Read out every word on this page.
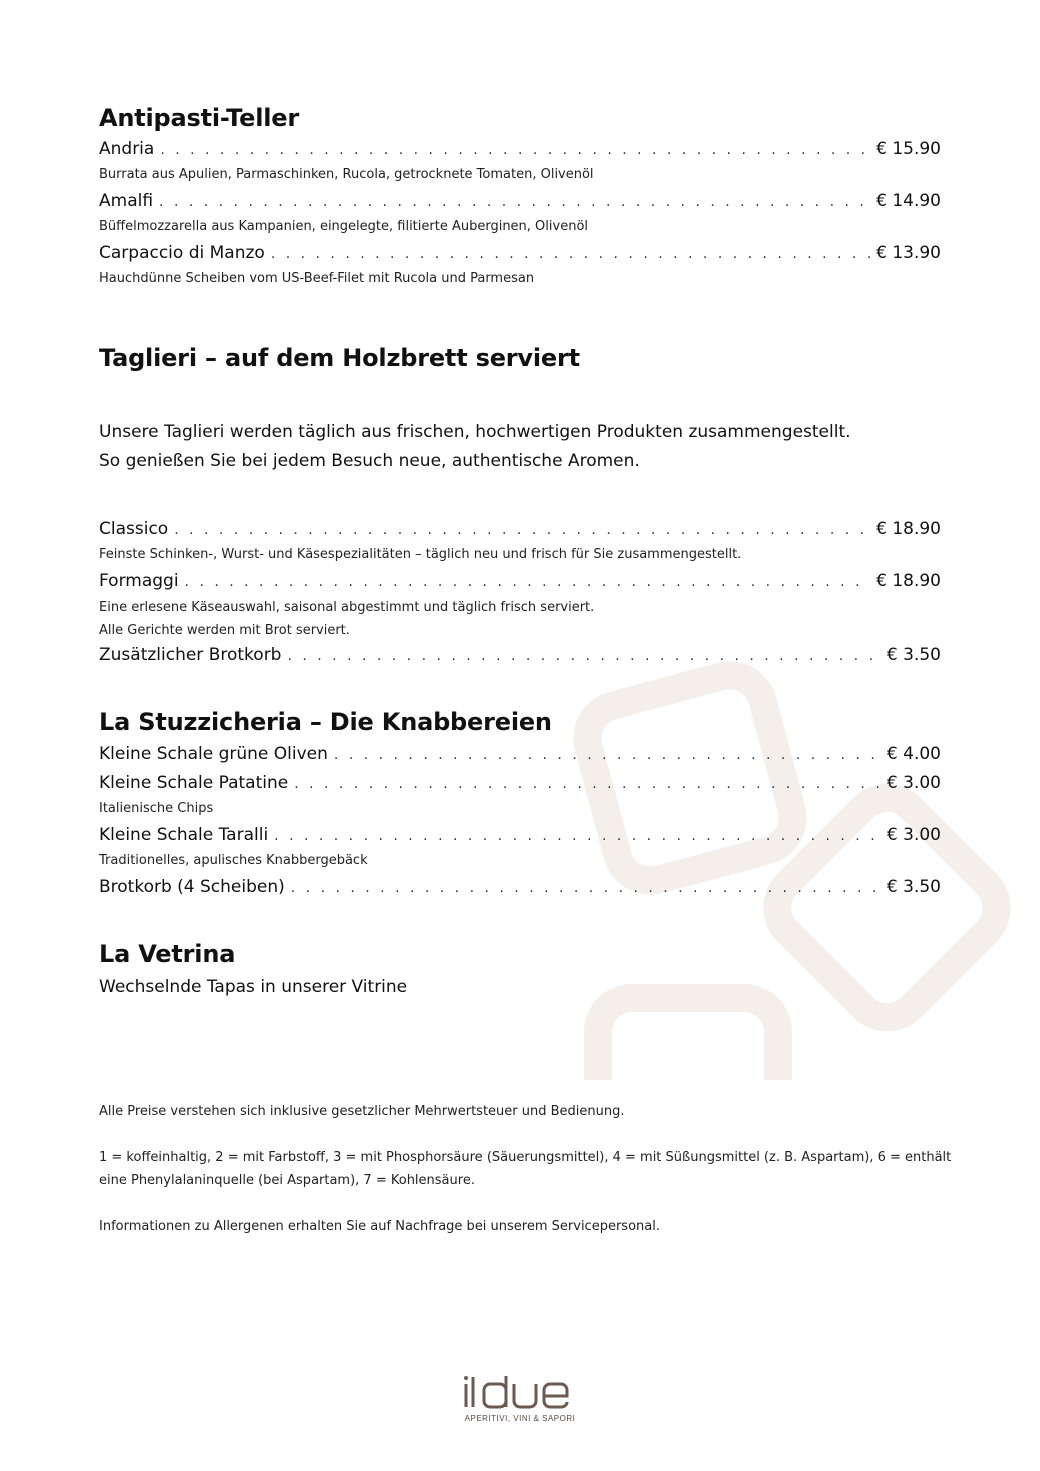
Antipasti-Teller
Andria . . .	€ 15.90
Burrata aus Apulien, Parmaschinken, Rucola, getrocknete Tomaten, Olivenöl
Amalfi . . .	€ 14.90
Büffelmozzarella aus Kampanien, eingelegte, filitierte Auberginen, Olivenöl
Carpaccio di Manzo . . .	€ 13.90
Hauchdünne Scheiben vom US-Beef-Filet mit Rucola und Parmesan
Taglieri – auf dem Holzbrett serviert
Unsere Taglieri werden täglich aus frischen, hochwertigen Produkten zusammengestellt.
So genießen Sie bei jedem Besuch neue, authentische Aromen.
Classico . . .	€ 18.90
Feinste Schinken-, Wurst- und Käsespezialitäten – täglich neu und frisch für Sie zusammengestellt.
Formaggi . . .	€ 18.90
Eine erlesene Käseauswahl, saisonal abgestimmt und täglich frisch serviert.
Alle Gerichte werden mit Brot serviert.
Zusätzlicher Brotkorb . . .	€ 3.50
La Stuzzicheria – Die Knabbereien
Kleine Schale grüne Oliven . . .	€ 4.00
Kleine Schale Patatine . . .	€ 3.00
Italienische Chips
Kleine Schale Taralli . . .	€ 3.00
Traditionelles, apulisches Knabbergebäck
Brotkorb (4 Scheiben) . . .	€ 3.50
La Vetrina
Wechselnde Tapas in unserer Vitrine

Alle Preise verstehen sich inklusive gesetzlicher Mehrwertsteuer und Bedienung.

1 = koffeinhaltig, 2 = mit Farbstoff, 3 = mit Phosphorsäure (Säuerungsmittel), 4 = mit Süßungsmittel (z. B. Aspartam), 6 = enthält eine Phenylalaninquelle (bei Aspartam), 7 = Kohlensäure.

Informationen zu Allergenen erhalten Sie auf Nachfrage bei unserem Servicepersonal.

APERITIVI, VINI & SAPORI
